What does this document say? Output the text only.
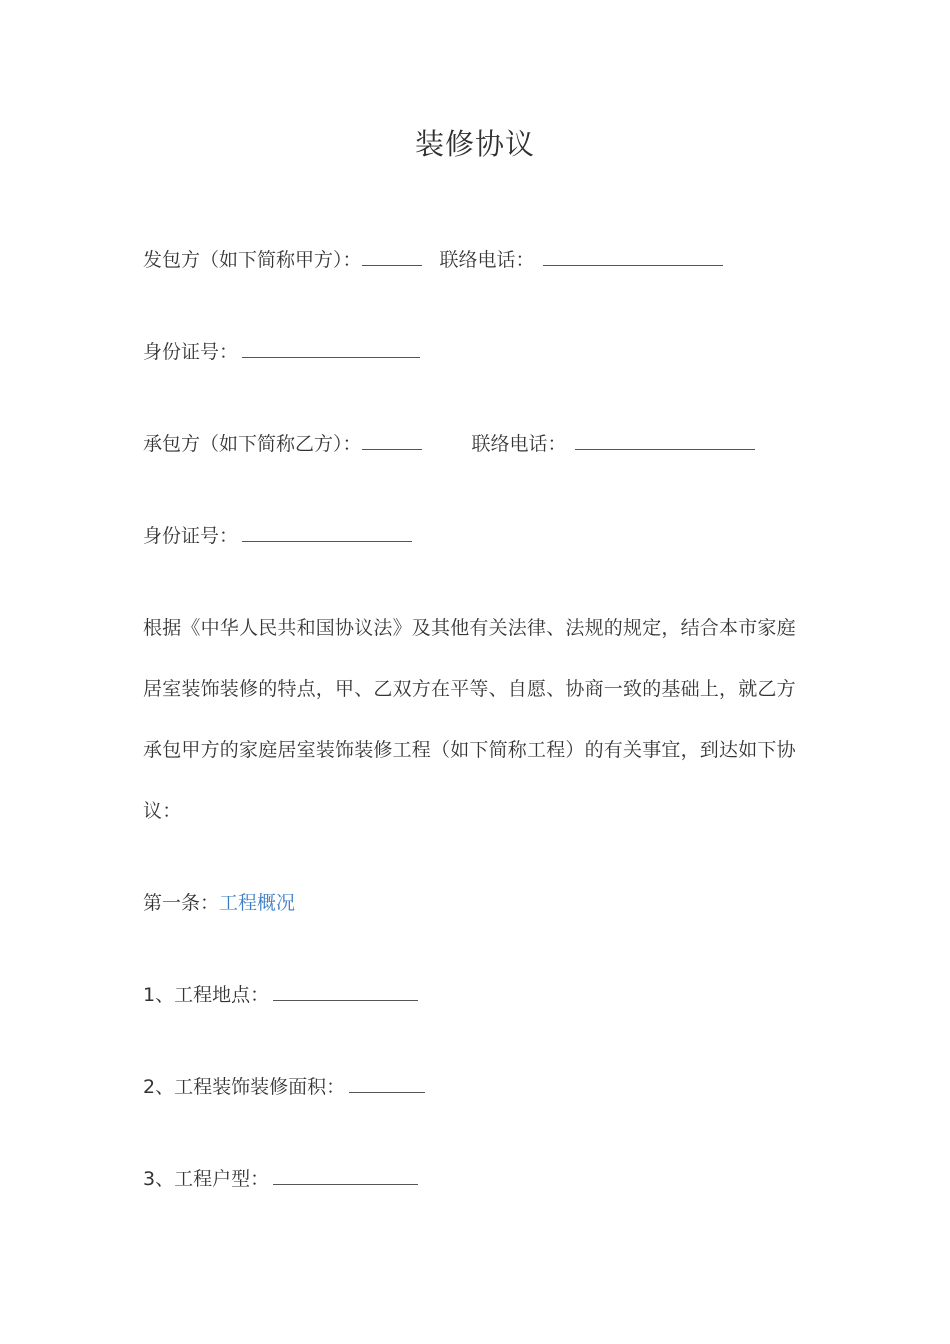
装修协议
发包方（如下简称甲方）：	联络电话：
身份证号：
承包方（如下简称乙方）：	联络电话：
身份证号：
根据《中华人民共和国协议法》及其他有关法律、法规的规定，结合本市家庭
居室装饰装修的特点，甲、乙双方在平等、自愿、协商一致的基础上，就乙方
承包甲方的家庭居室装饰装修工程（如下简称工程）的有关事宜，到达如下协
议：
第一条：工程概况
1、工程地点：
2、工程装饰装修面积：
3、工程户型：
